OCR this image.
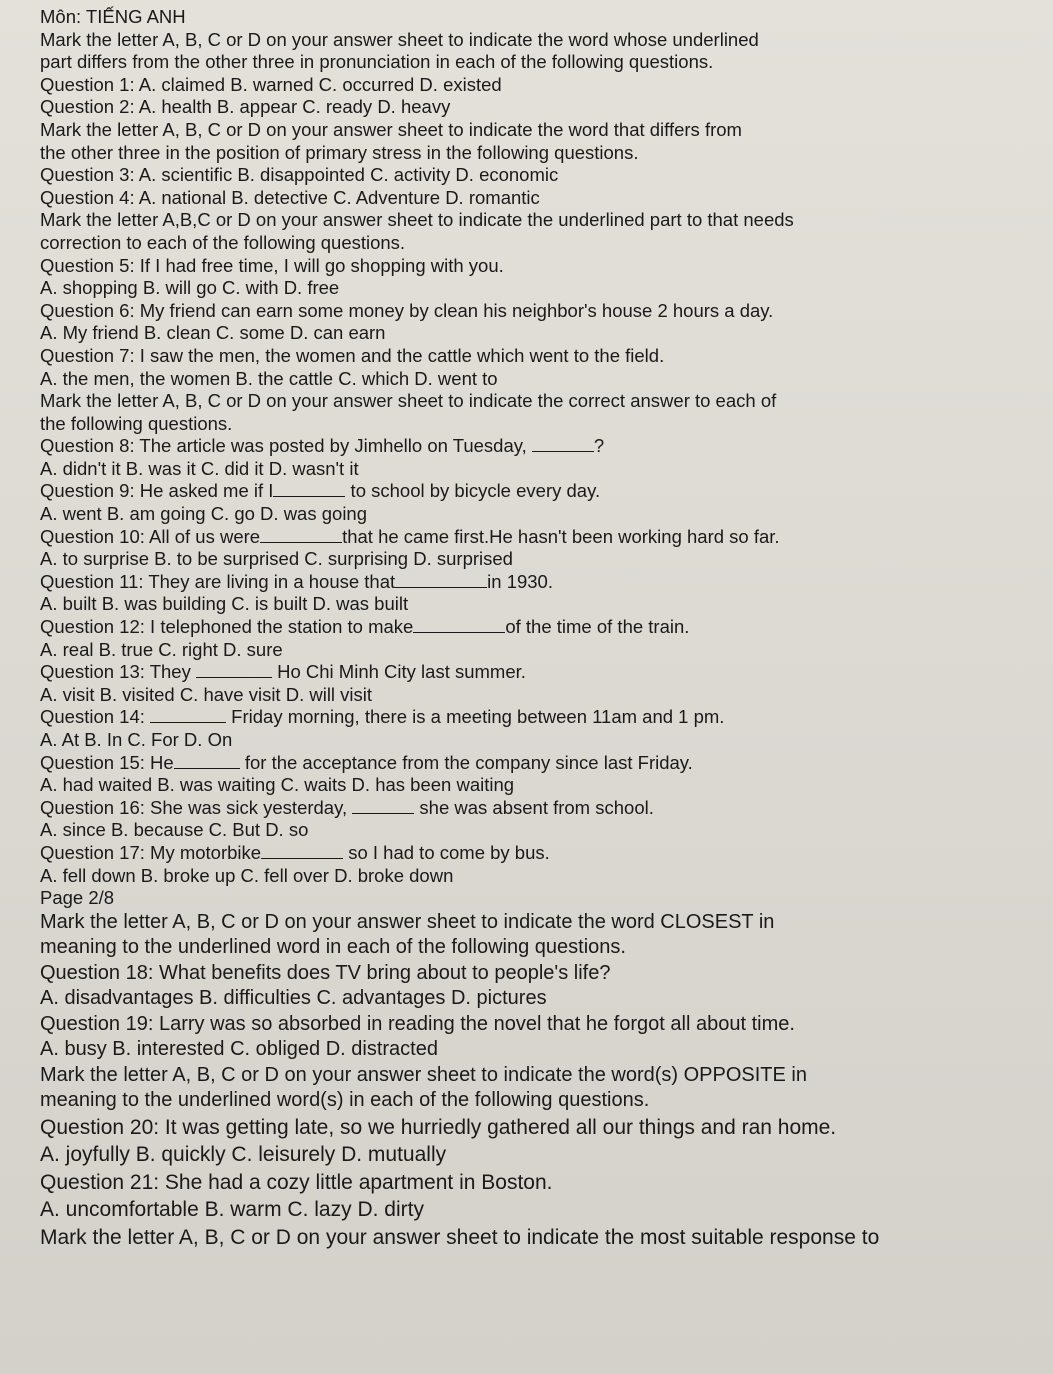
Môn: TIẾNG ANH
Mark the letter A, B, C or D on your answer sheet to indicate the word whose underlined
part differs from the other three in pronunciation in each of the following questions.
Question 1: A. claimed B. warned C. occurred D. existed
Question 2: A. health B. appear C. ready D. heavy
Mark the letter A, B, C or D on your answer sheet to indicate the word that differs from
the other three in the position of primary stress in the following questions.
Question 3: A. scientific B. disappointed C. activity D. economic
Question 4: A. national B. detective C. Adventure D. romantic
Mark the letter A,B,C or D on your answer sheet to indicate the underlined part to that needs
correction to each of the following questions.
Question 5: If I had free time, I will go shopping with you.
A. shopping B. will go C. with D. free
Question 6: My friend can earn some money by clean his neighbor's house 2 hours a day.
A. My friend B. clean C. some D. can earn
Question 7: I saw the men, the women and the cattle which went to the field.
A. the men, the women B. the cattle C. which D. went to
Mark the letter A, B, C or D on your answer sheet to indicate the correct answer to each of
the following questions.
Question 8: The article was posted by Jimhello on Tuesday,	?
A. didn't it B. was it C. did it D. wasn't it
Question 9: He asked me if I	to school by bicycle every day.
A. went B. am going C. go D. was going
Question 10: All of us were	that he came first.He hasn't been working hard so far.
A. to surprise B. to be surprised C. surprising D. surprised
Question 11: They are living in a house that	in 1930.
A. built B. was building C. is built D. was built
Question 12: I telephoned the station to make	of the time of the train.
A. real B. true C. right D. sure
Question 13: They	Ho Chi Minh City last summer.
A. visit B. visited C. have visit D. will visit
Question 14:	Friday morning, there is a meeting between 11am and 1 pm.
A. At B. In C. For D. On
Question 15: He	for the acceptance from the company since last Friday.
A. had waited B. was waiting C. waits D. has been waiting
Question 16: She was sick yesterday,	she was absent from school.
A. since B. because C. But D. so
Question 17: My motorbike	so I had to come by bus.
A. fell down B. broke up C. fell over D. broke down
Page 2/8
Mark the letter A, B, C or D on your answer sheet to indicate the word CLOSEST in
meaning to the underlined word in each of the following questions.
Question 18: What benefits does TV bring about to people's life?
A. disadvantages B. difficulties C. advantages D. pictures
Question 19: Larry was so absorbed in reading the novel that he forgot all about time.
A. busy B. interested C. obliged D. distracted
Mark the letter A, B, C or D on your answer sheet to indicate the word(s) OPPOSITE in
meaning to the underlined word(s) in each of the following questions.
Question 20: It was getting late, so we hurriedly gathered all our things and ran home.
A. joyfully B. quickly C. leisurely D. mutually
Question 21: She had a cozy little apartment in Boston.
A. uncomfortable B. warm C. lazy D. dirty
Mark the letter A, B, C or D on your answer sheet to indicate the most suitable response to
